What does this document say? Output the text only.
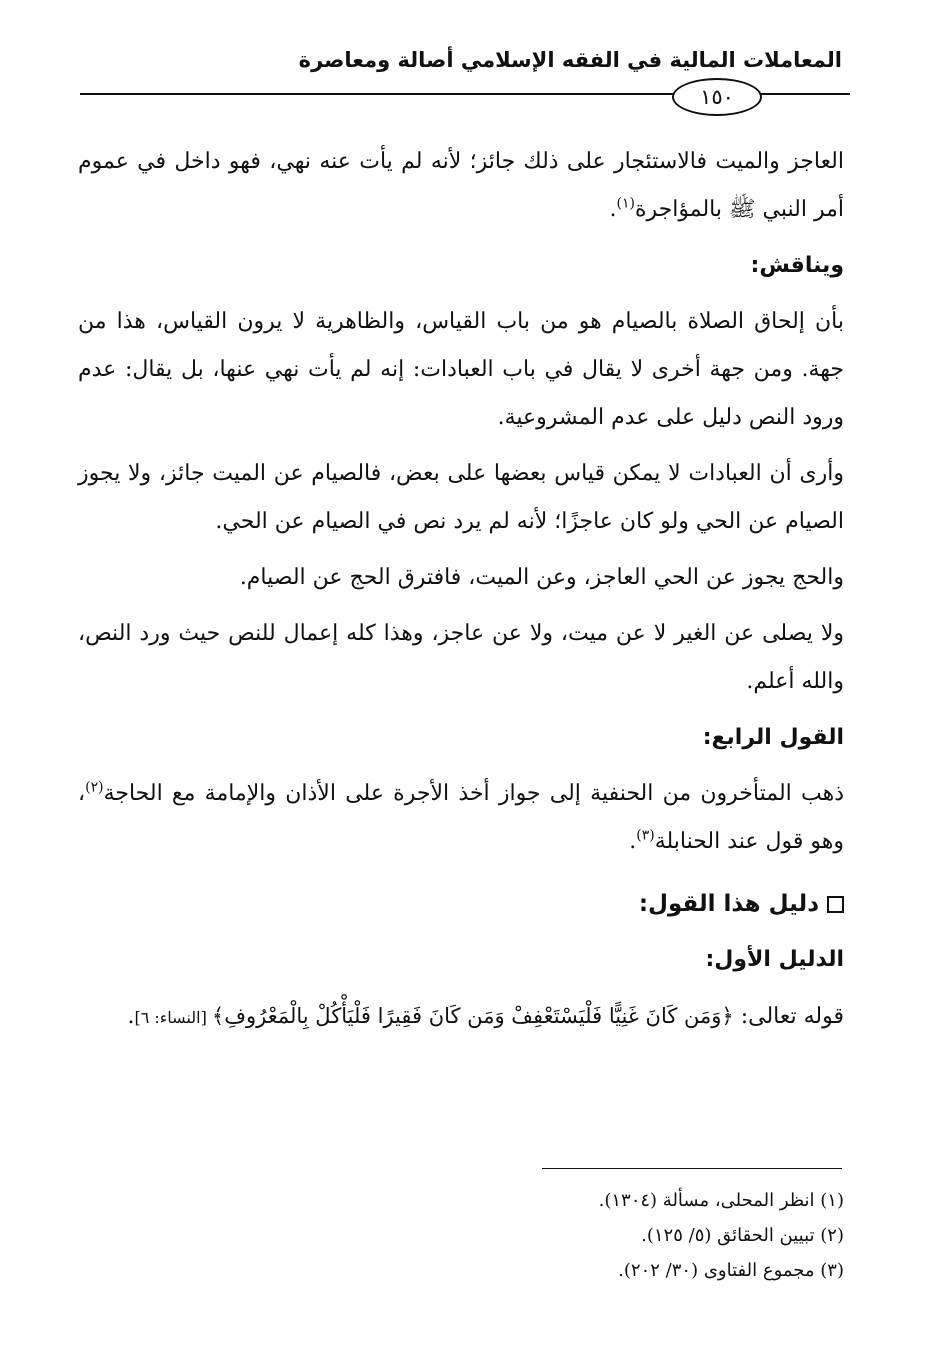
المعاملات المالية في الفقه الإسلامي أصالة ومعاصرة
١٥٠

العاجز والميت فالاستئجار على ذلك جائز؛ لأنه لم يأت عنه نهي، فهو داخل في عموم أمر النبي ﷺ بالمؤاجرة$^{(١)}$.

ويناقش:

بأن إلحاق الصلاة بالصيام هو من باب القياس، والظاهرية لا يرون القياس، هذا من جهة. ومن جهة أخرى لا يقال في باب العبادات: إنه لم يأت نهي عنها، بل يقال: عدم ورود النص دليل على عدم المشروعية.

وأرى أن العبادات لا يمكن قياس بعضها على بعض، فالصيام عن الميت جائز، ولا يجوز الصيام عن الحي ولو كان عاجزًا؛ لأنه لم يرد نص في الصيام عن الحي.

والحج يجوز عن الحي العاجز، وعن الميت، فافترق الحج عن الصيام.

ولا يصلى عن الغير لا عن ميت، ولا عن عاجز، وهذا كله إعمال للنص حيث ورد النص، والله أعلم.

القول الرابع:

ذهب المتأخرون من الحنفية إلى جواز أخذ الأجرة على الأذان والإمامة مع الحاجة$^{(٢)}$، وهو قول عند الحنابلة$^{(٣)}$.

دليل هذا القول:

الدليل الأول:

قوله تعالى: ﴿وَمَن كَانَ غَنِيًّا فَلْيَسْتَعْفِفْ وَمَن كَانَ فَقِيرًا فَلْيَأْكُلْ بِالْمَعْرُوفِ﴾ [النساء: ٦].

(١) انظر المحلى، مسألة (١٣٠٤).
(٢) تبيين الحقائق (٥/ ١٢٥).
(٣) مجموع الفتاوى (٣٠/ ٢٠٢).
